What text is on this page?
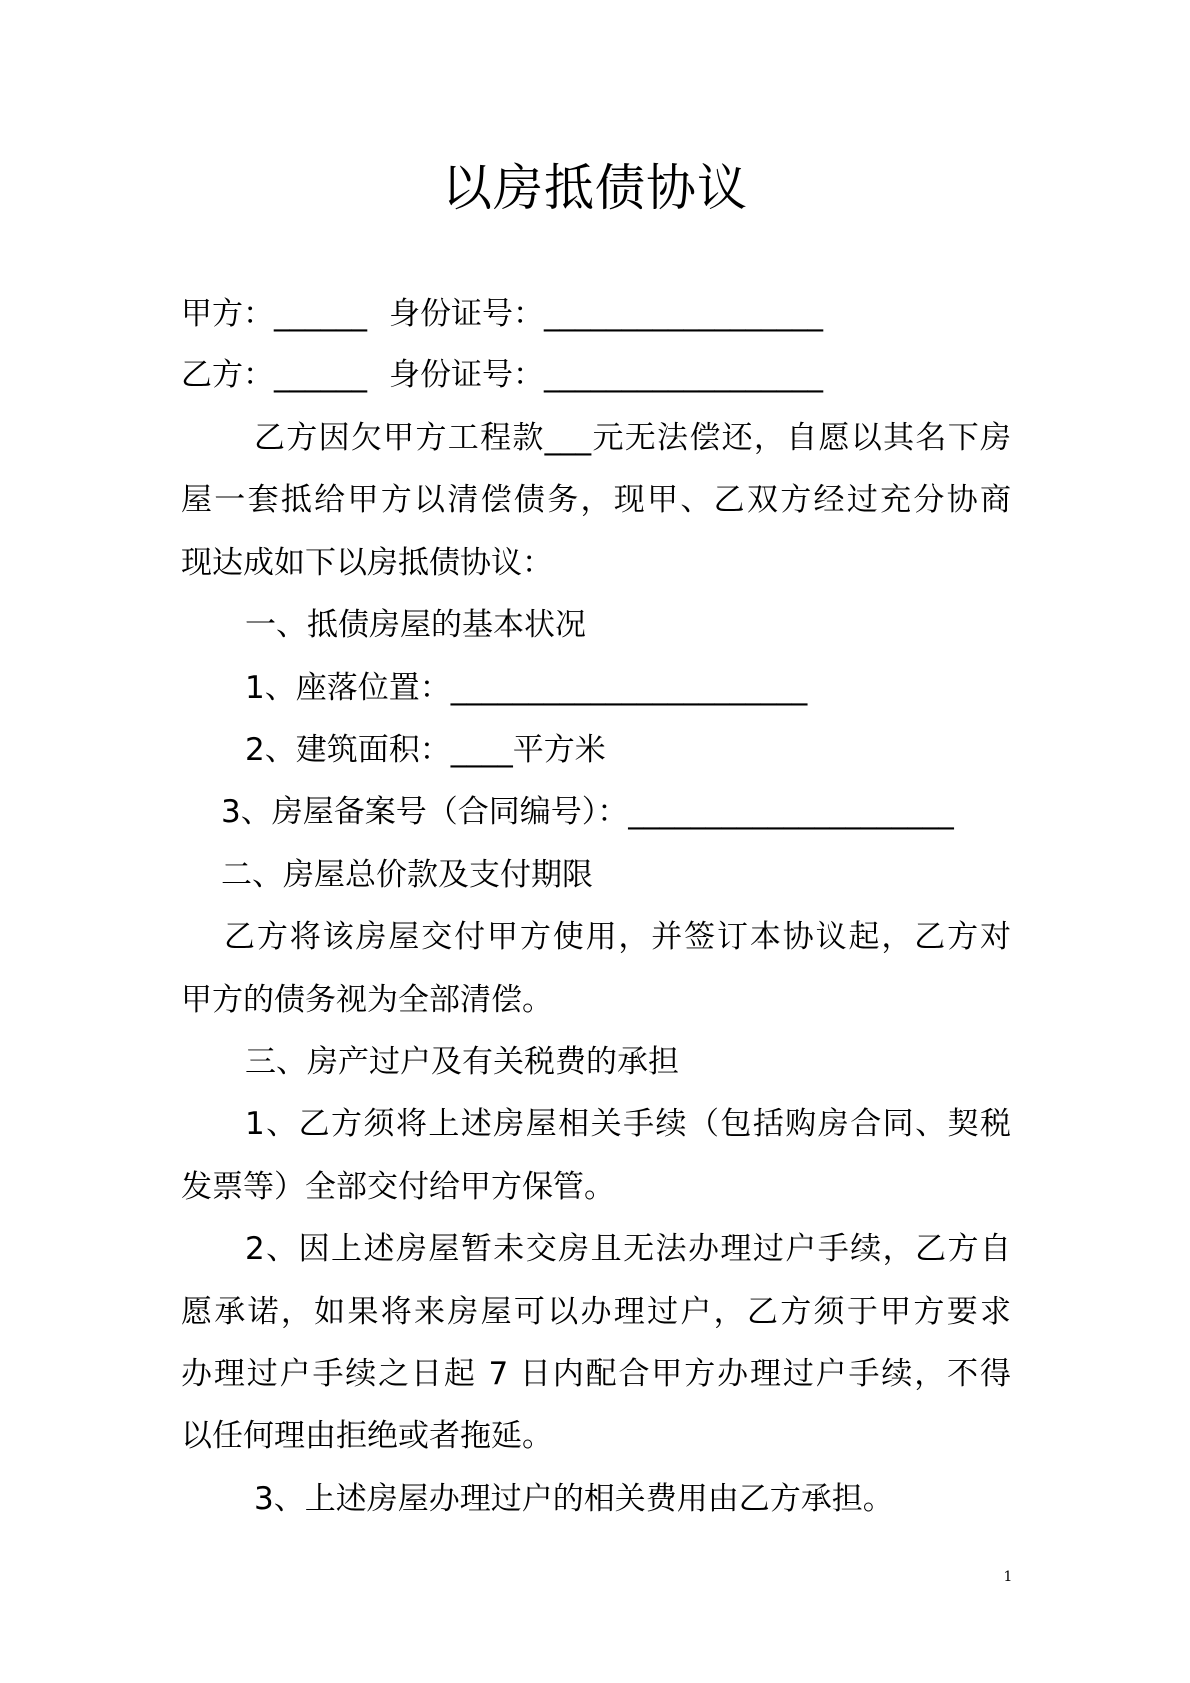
以房抵债协议
甲方：______ 身份证号：__________________
乙方：______ 身份证号：__________________
乙方因欠甲方工程款___元无法偿还，自愿以其名下房
屋一套抵给甲方以清偿债务，现甲、乙双方经过充分协商
现达成如下以房抵债协议：
一、抵债房屋的基本状况
1、座落位置：_______________________
2、建筑面积：____平方米
3、房屋备案号（合同编号）：_____________________
二、房屋总价款及支付期限
乙方将该房屋交付甲方使用，并签订本协议起，乙方对
甲方的债务视为全部清偿。
三、房产过户及有关税费的承担
1、乙方须将上述房屋相关手续（包括购房合同、契税
发票等）全部交付给甲方保管。
2、因上述房屋暂未交房且无法办理过户手续，乙方自
愿承诺，如果将来房屋可以办理过户，乙方须于甲方要求
办理过户手续之日起 7 日内配合甲方办理过户手续，不得
以任何理由拒绝或者拖延。
3、上述房屋办理过户的相关费用由乙方承担。
1
